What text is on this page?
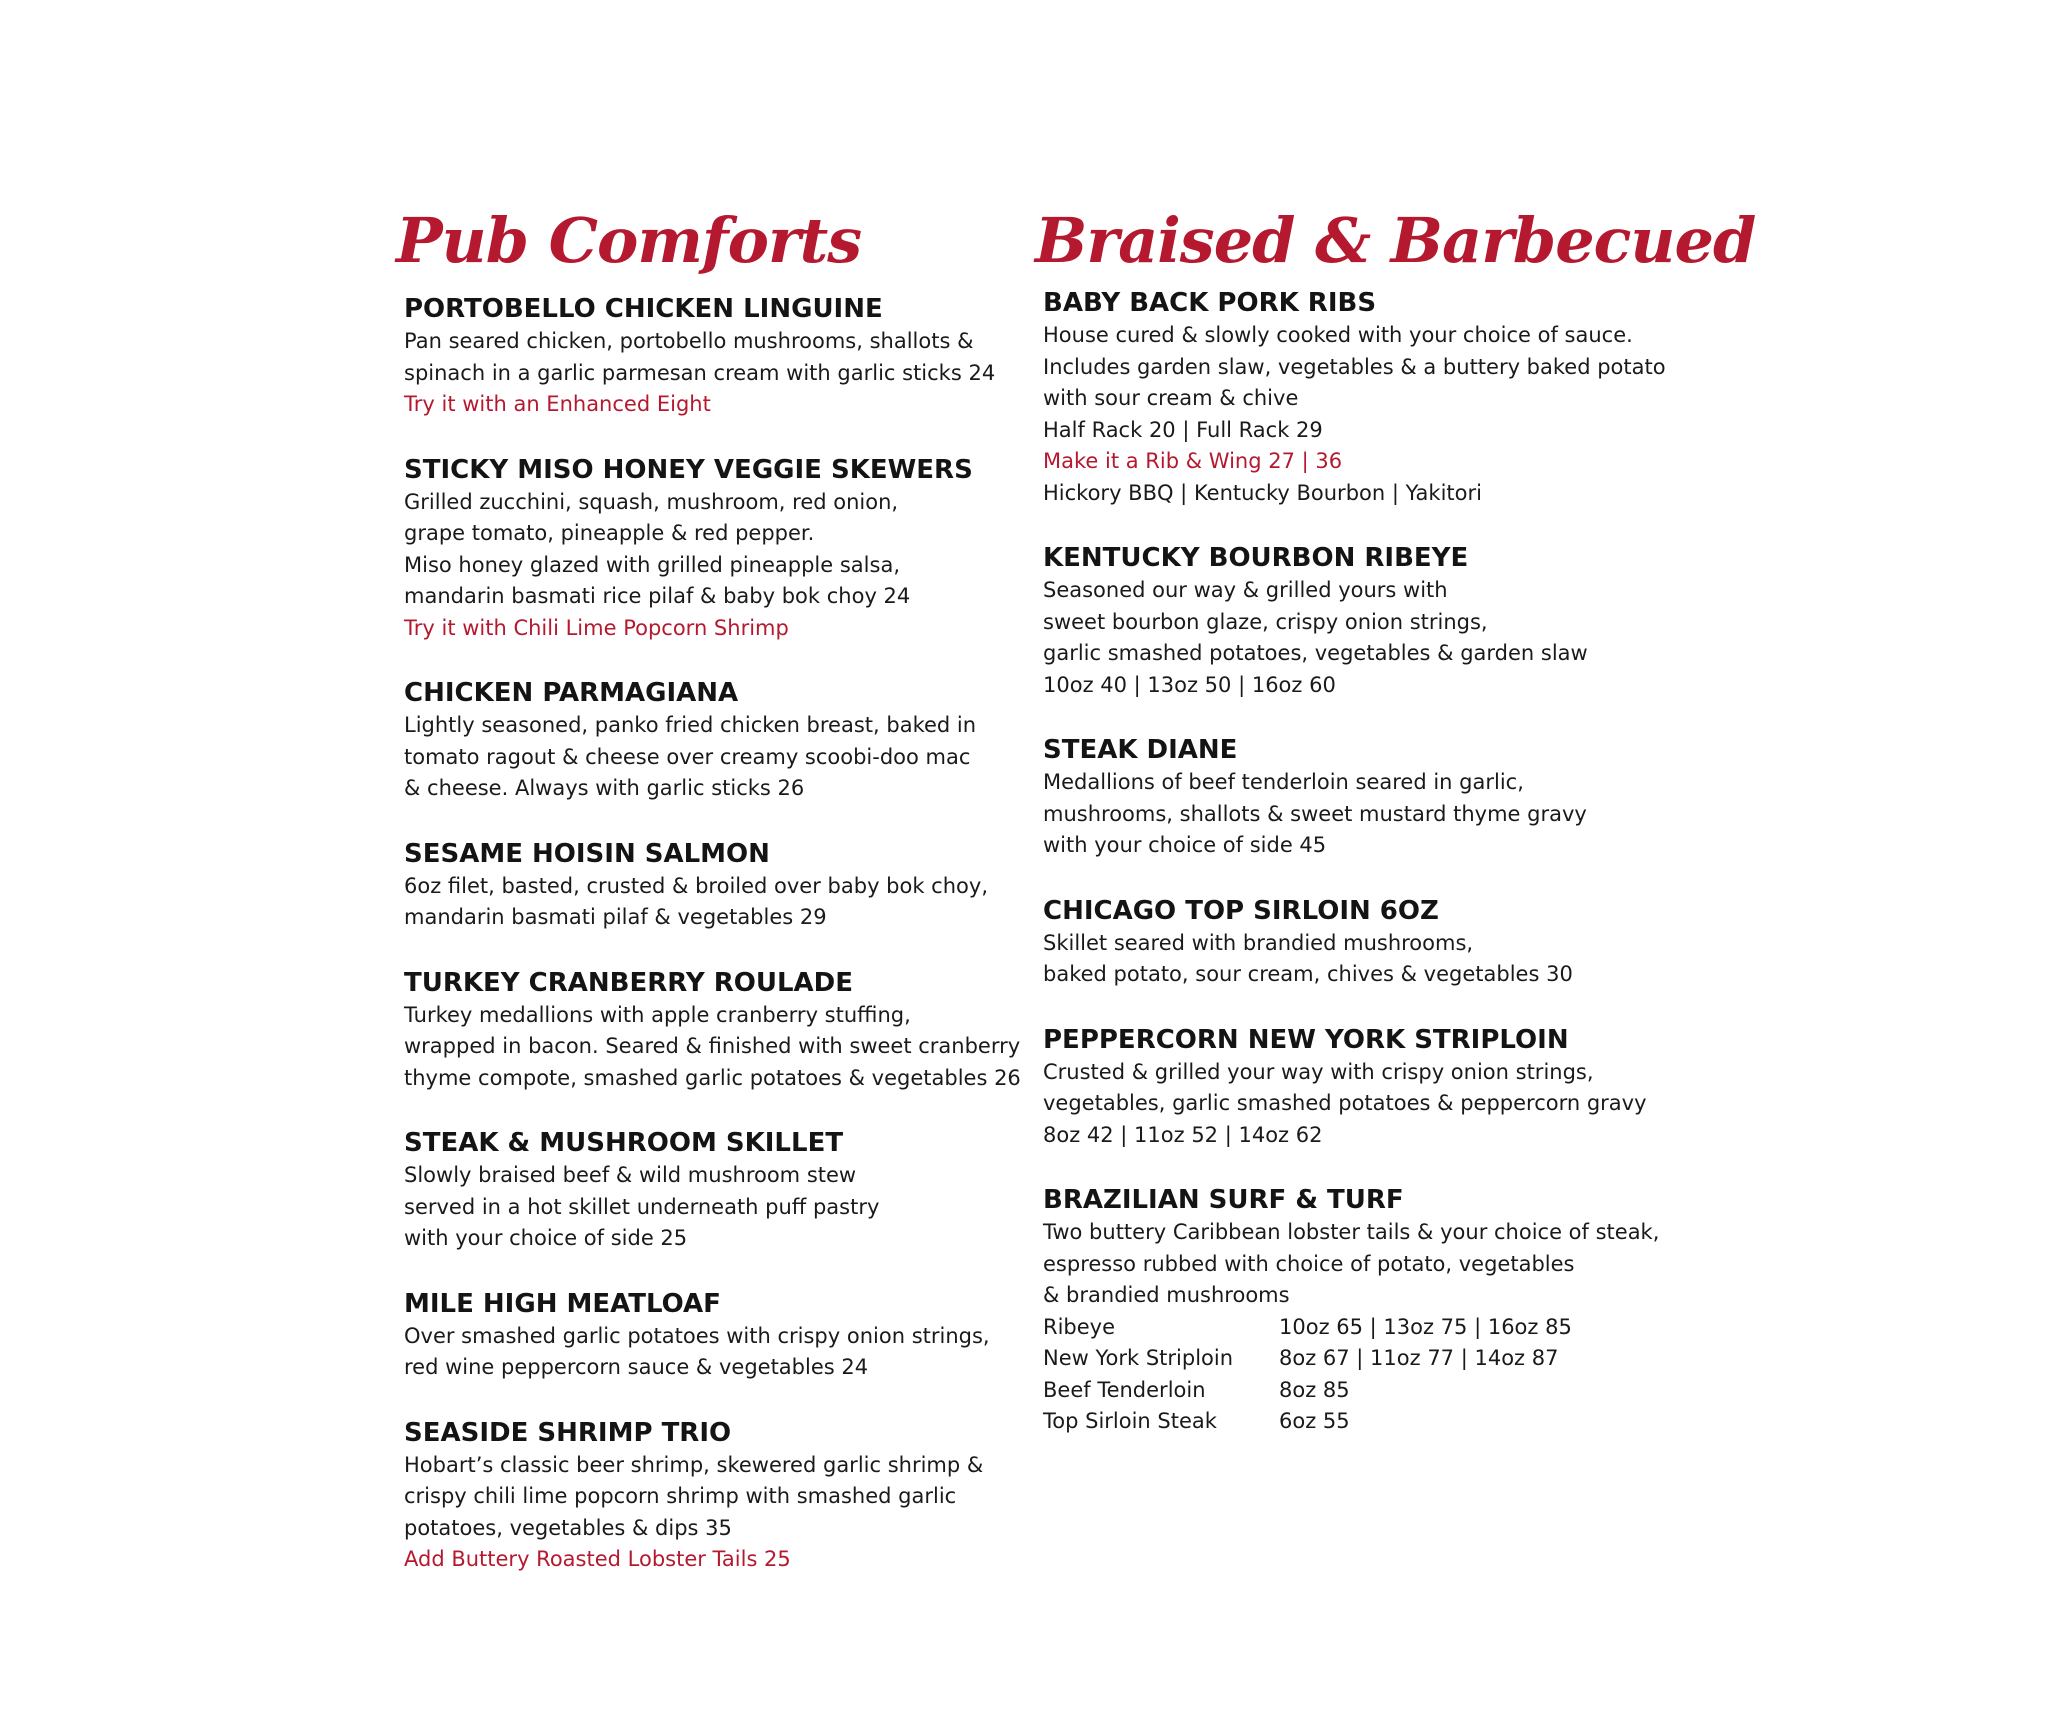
Pub Comforts
PORTOBELLO CHICKEN LINGUINE
Pan seared chicken, portobello mushrooms, shallots &
spinach in a garlic parmesan cream with garlic sticks 24
Try it with an Enhanced Eight
STICKY MISO HONEY VEGGIE SKEWERS
Grilled zucchini, squash, mushroom, red onion,
grape tomato, pineapple & red pepper.
Miso honey glazed with grilled pineapple salsa,
mandarin basmati rice pilaf & baby bok choy 24
Try it with Chili Lime Popcorn Shrimp
CHICKEN PARMAGIANA
Lightly seasoned, panko fried chicken breast, baked in
tomato ragout & cheese over creamy scoobi-doo mac
& cheese. Always with garlic sticks 26
SESAME HOISIN SALMON
6oz filet, basted, crusted & broiled over baby bok choy,
mandarin basmati pilaf & vegetables 29
TURKEY CRANBERRY ROULADE
Turkey medallions with apple cranberry stuffing,
wrapped in bacon. Seared & finished with sweet cranberry
thyme compote, smashed garlic potatoes & vegetables 26
STEAK & MUSHROOM SKILLET
Slowly braised beef & wild mushroom stew
served in a hot skillet underneath puff pastry
with your choice of side 25
MILE HIGH MEATLOAF
Over smashed garlic potatoes with crispy onion strings,
red wine peppercorn sauce & vegetables 24
SEASIDE SHRIMP TRIO
Hobart’s classic beer shrimp, skewered garlic shrimp &
crispy chili lime popcorn shrimp with smashed garlic
potatoes, vegetables & dips 35
Add Buttery Roasted Lobster Tails 25
Braised & Barbecued
BABY BACK PORK RIBS
House cured & slowly cooked with your choice of sauce.
Includes garden slaw, vegetables & a buttery baked potato
with sour cream & chive
Half Rack 20 | Full Rack 29
Make it a Rib & Wing 27 | 36
Hickory BBQ | Kentucky Bourbon | Yakitori
KENTUCKY BOURBON RIBEYE
Seasoned our way & grilled yours with
sweet bourbon glaze, crispy onion strings,
garlic smashed potatoes, vegetables & garden slaw
10oz 40 | 13oz 50 | 16oz 60
STEAK DIANE
Medallions of beef tenderloin seared in garlic,
mushrooms, shallots & sweet mustard thyme gravy
with your choice of side 45
CHICAGO TOP SIRLOIN 6OZ
Skillet seared with brandied mushrooms,
baked potato, sour cream, chives & vegetables 30
PEPPERCORN NEW YORK STRIPLOIN
Crusted & grilled your way with crispy onion strings,
vegetables, garlic smashed potatoes & peppercorn gravy
8oz 42 | 11oz 52 | 14oz 62
BRAZILIAN SURF & TURF
Two buttery Caribbean lobster tails & your choice of steak,
espresso rubbed with choice of potato, vegetables
& brandied mushrooms
Ribeye	10oz 65 | 13oz 75 | 16oz 85
New York Striploin	8oz 67 | 11oz 77 | 14oz 87
Beef Tenderloin	8oz 85
Top Sirloin Steak	6oz 55
